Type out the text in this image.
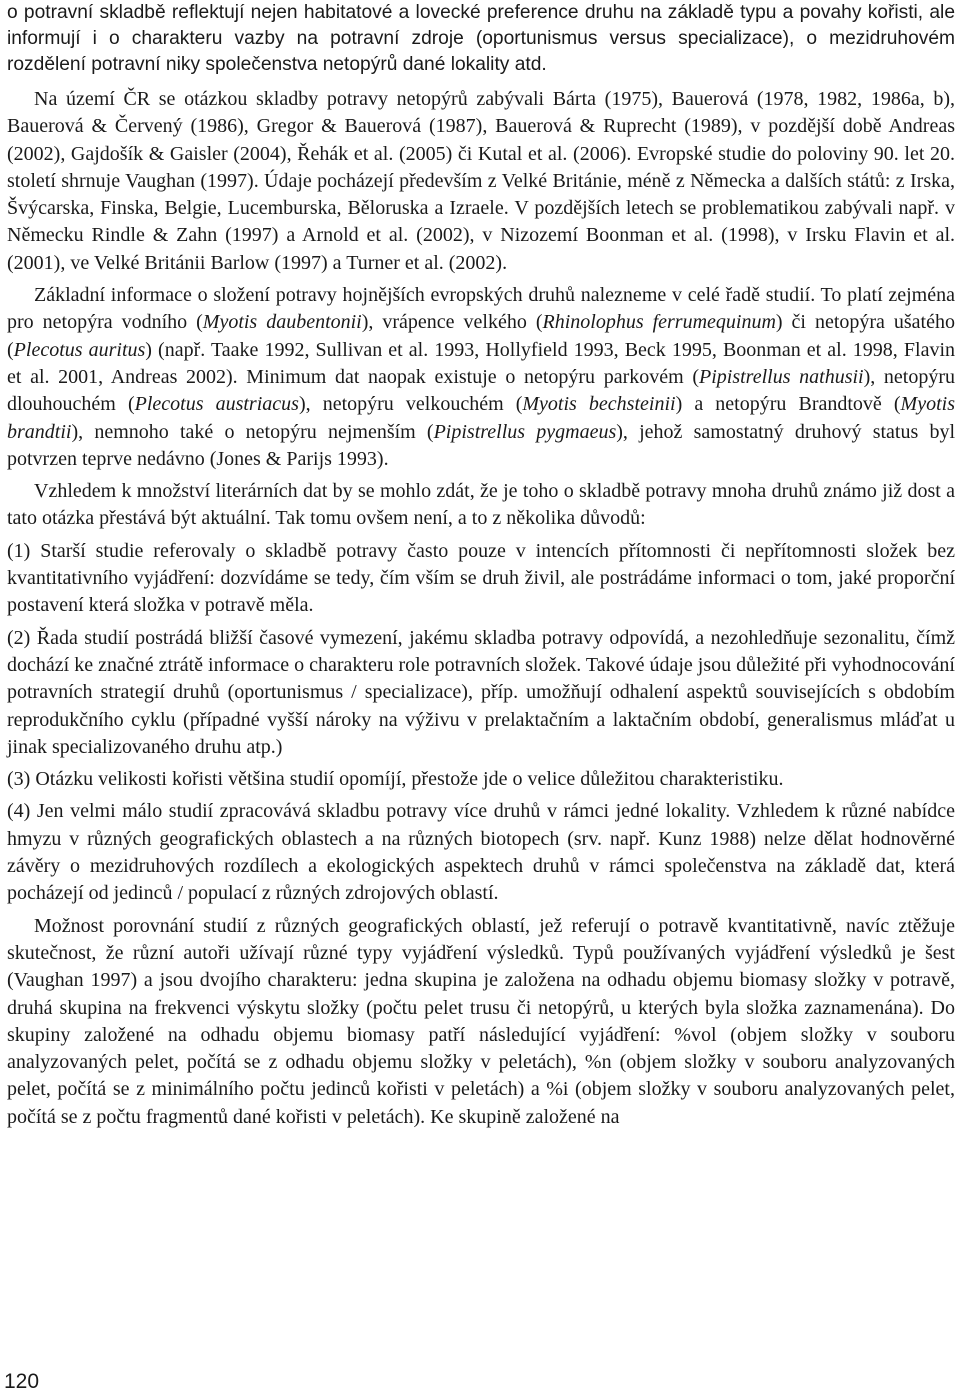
o potravní skladbě reflektují nejen habitatové a lovecké preference druhu na základě typu a povahy kořisti, ale informují i o charakteru vazby na potravní zdroje (oportunismus versus specializace), o mezidruhovém rozdělení potravní niky společenstva netopýrů dané lokality atd.

Na území ČR se otázkou skladby potravy netopýrů zabývali Bárta (1975), Bauerová (1978, 1982, 1986a, b), Bauerová & Červený (1986), Gregor & Bauerová (1987), Bauerová & Ruprecht (1989), v pozdější době Andreas (2002), Gajdošík & Gaisler (2004), Řehák et al. (2005) či Kutal et al. (2006). Evropské studie do poloviny 90. let 20. století shrnuje Vaughan (1997). Údaje pocházejí především z Velké Británie, méně z Německa a dalších států: z Irska, Švýcarska, Finska, Belgie, Lucemburska, Běloruska a Izraele. V pozdějších letech se problematikou zabývali např. v Německu Rindle & Zahn (1997) a Arnold et al. (2002), v Nizozemí Boonman et al. (1998), v Irsku Flavin et al. (2001), ve Velké Británii Barlow (1997) a Turner et al. (2002).

Základní informace o složení potravy hojnějších evropských druhů nalezneme v celé řadě studií. To platí zejména pro netopýra vodního (Myotis daubentonii), vrápence velkého (Rhinolophus ferrumequinum) či netopýra ušatého (Plecotus auritus) (např. Taake 1992, Sullivan et al. 1993, Hollyfield 1993, Beck 1995, Boonman et al. 1998, Flavin et al. 2001, Andreas 2002). Minimum dat naopak existuje o netopýru parkovém (Pipistrellus nathusii), netopýru dlouhouchém (Plecotus austriacus), netopýru velkouchém (Myotis bechsteinii) a netopýru Brandtově (Myotis brandtii), nemnoho také o netopýru nejmenším (Pipistrellus pygmaeus), jehož samostatný druhový status byl potvrzen teprve nedávno (Jones & Parijs 1993).

Vzhledem k množství literárních dat by se mohlo zdát, že je toho o skladbě potravy mnoha druhů známo již dost a tato otázka přestává být aktuální. Tak tomu ovšem není, a to z několika důvodů:

(1) Starší studie referovaly o skladbě potravy často pouze v intencích přítomnosti či nepřítomnosti složek bez kvantitativního vyjádření: dozvídáme se tedy, čím vším se druh živil, ale postrádáme informaci o tom, jaké proporční postavení která složka v potravě měla.

(2) Řada studií postrádá bližší časové vymezení, jakému skladba potravy odpovídá, a nezohledňuje sezonalitu, čímž dochází ke značné ztrátě informace o charakteru role potravních složek. Takové údaje jsou důležité při vyhodnocování potravních strategií druhů (oportunismus / specializace), příp. umožňují odhalení aspektů souvisejících s obdobím reprodukčního cyklu (případné vyšší nároky na výživu v prelaktačním a laktačním období, generalismus mláďat u jinak specializovaného druhu atp.)

(3) Otázku velikosti kořisti většina studií opomíjí, přestože jde o velice důležitou charakteristiku.

(4) Jen velmi málo studií zpracovává skladbu potravy více druhů v rámci jedné lokality. Vzhledem k různé nabídce hmyzu v různých geografických oblastech a na různých biotopech (srv. např. Kunz 1988) nelze dělat hodnověrné závěry o mezidruhových rozdílech a ekologických aspektech druhů v rámci společenstva na základě dat, která pocházejí od jedinců / populací z různých zdrojových oblastí.

Možnost porovnání studií z různých geografických oblastí, jež referují o potravě kvantitativně, navíc ztěžuje skutečnost, že různí autoři užívají různé typy vyjádření výsledků. Typů používaných vyjádření výsledků je šest (Vaughan 1997) a jsou dvojího charakteru: jedna skupina je založena na odhadu objemu biomasy složky v potravě, druhá skupina na frekvenci výskytu složky (počtu pelet trusu či netopýrů, u kterých byla složka zaznamenána). Do skupiny založené na odhadu objemu biomasy patří následující vyjádření: %vol (objem složky v souboru analyzovaných pelet, počítá se z odhadu objemu složky v peletách), %n (objem složky v souboru analyzovaných pelet, počítá se z minimálního počtu jedinců kořisti v peletách) a %i (objem složky v souboru analyzovaných pelet, počítá se z počtu fragmentů dané kořisti v peletách). Ke skupině založené na

120
